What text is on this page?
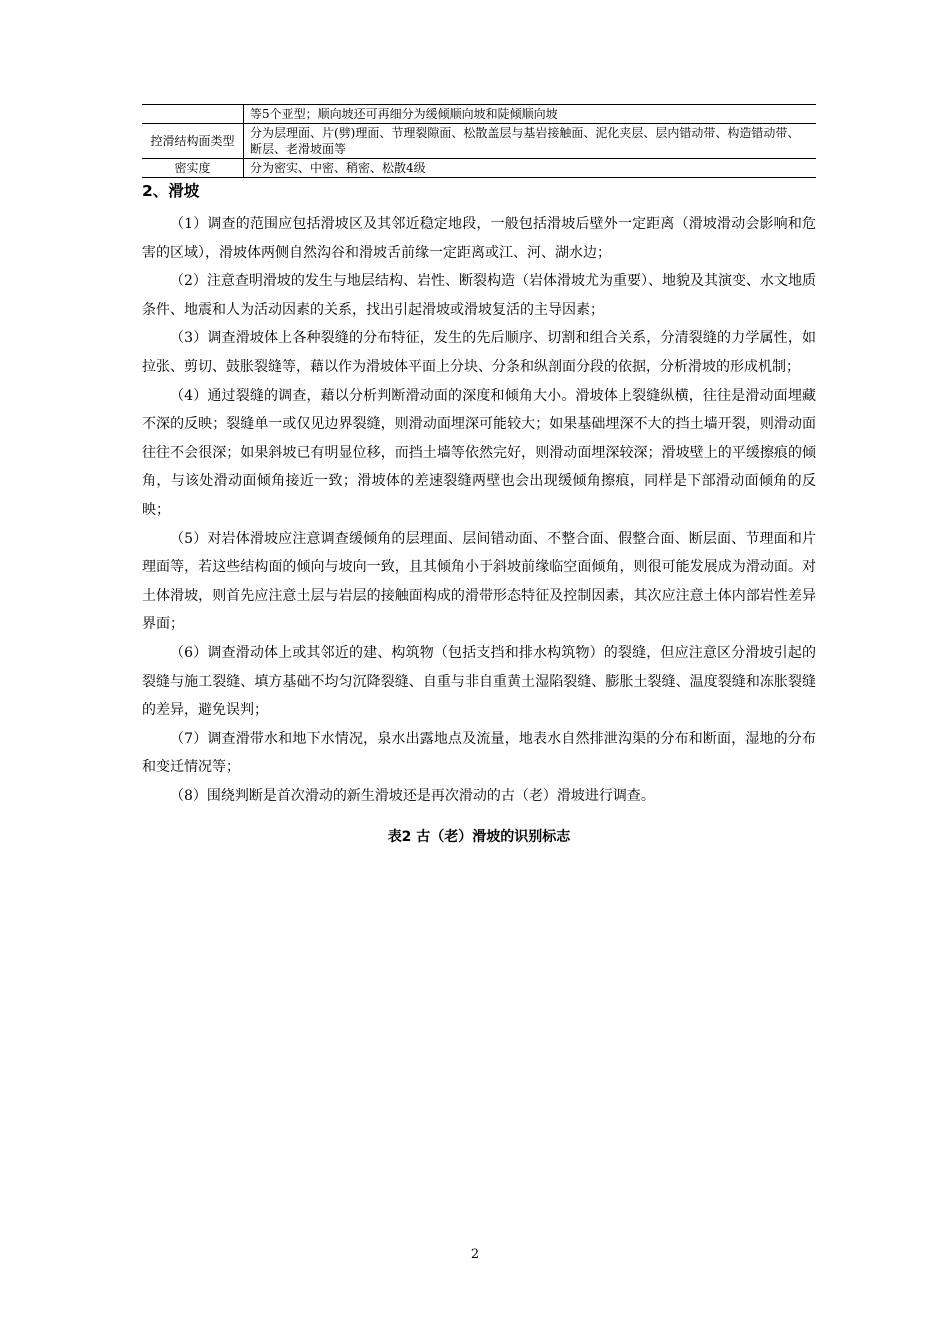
	等5个亚型；顺向坡还可再细分为缓倾顺向坡和陡倾顺向坡
控滑结构面类型	分为层理面、片(劈)理面、节理裂隙面、松散盖层与基岩接触面、泥化夹层、层内错动带、构造错动带、断层、老滑坡面等
密实度	分为密实、中密、稍密、松散4级
2、滑坡

（1）调查的范围应包括滑坡区及其邻近稳定地段，一般包括滑坡后壁外一定距离（滑坡滑动会影响和危害的区域），滑坡体两侧自然沟谷和滑坡舌前缘一定距离或江、河、湖水边；

（2）注意查明滑坡的发生与地层结构、岩性、断裂构造（岩体滑坡尤为重要）、地貌及其演变、水文地质条件、地震和人为活动因素的关系，找出引起滑坡或滑坡复活的主导因素；

（3）调查滑坡体上各种裂缝的分布特征，发生的先后顺序、切割和组合关系，分清裂缝的力学属性，如拉张、剪切、鼓胀裂缝等，藉以作为滑坡体平面上分块、分条和纵剖面分段的依据，分析滑坡的形成机制；

（4）通过裂缝的调查，藉以分析判断滑动面的深度和倾角大小。滑坡体上裂缝纵横，往往是滑动面埋藏不深的反映；裂缝单一或仅见边界裂缝，则滑动面埋深可能较大；如果基础埋深不大的挡土墙开裂，则滑动面往往不会很深；如果斜坡已有明显位移，而挡土墙等依然完好，则滑动面埋深较深；滑坡壁上的平缓擦痕的倾角，与该处滑动面倾角接近一致；滑坡体的差速裂缝两壁也会出现缓倾角擦痕，同样是下部滑动面倾角的反映；

（5）对岩体滑坡应注意调查缓倾角的层理面、层间错动面、不整合面、假整合面、断层面、节理面和片理面等，若这些结构面的倾向与坡向一致，且其倾角小于斜坡前缘临空面倾角，则很可能发展成为滑动面。对土体滑坡，则首先应注意土层与岩层的接触面构成的滑带形态特征及控制因素，其次应注意土体内部岩性差异界面；

（6）调查滑动体上或其邻近的建、构筑物（包括支挡和排水构筑物）的裂缝，但应注意区分滑坡引起的裂缝与施工裂缝、填方基础不均匀沉降裂缝、自重与非自重黄土湿陷裂缝、膨胀土裂缝、温度裂缝和冻胀裂缝的差异，避免误判；

（7）调查滑带水和地下水情况，泉水出露地点及流量，地表水自然排泄沟渠的分布和断面，湿地的分布和变迁情况等；

（8）围绕判断是首次滑动的新生滑坡还是再次滑动的古（老）滑坡进行调查。

表2 古（老）滑坡的识别标志
2
